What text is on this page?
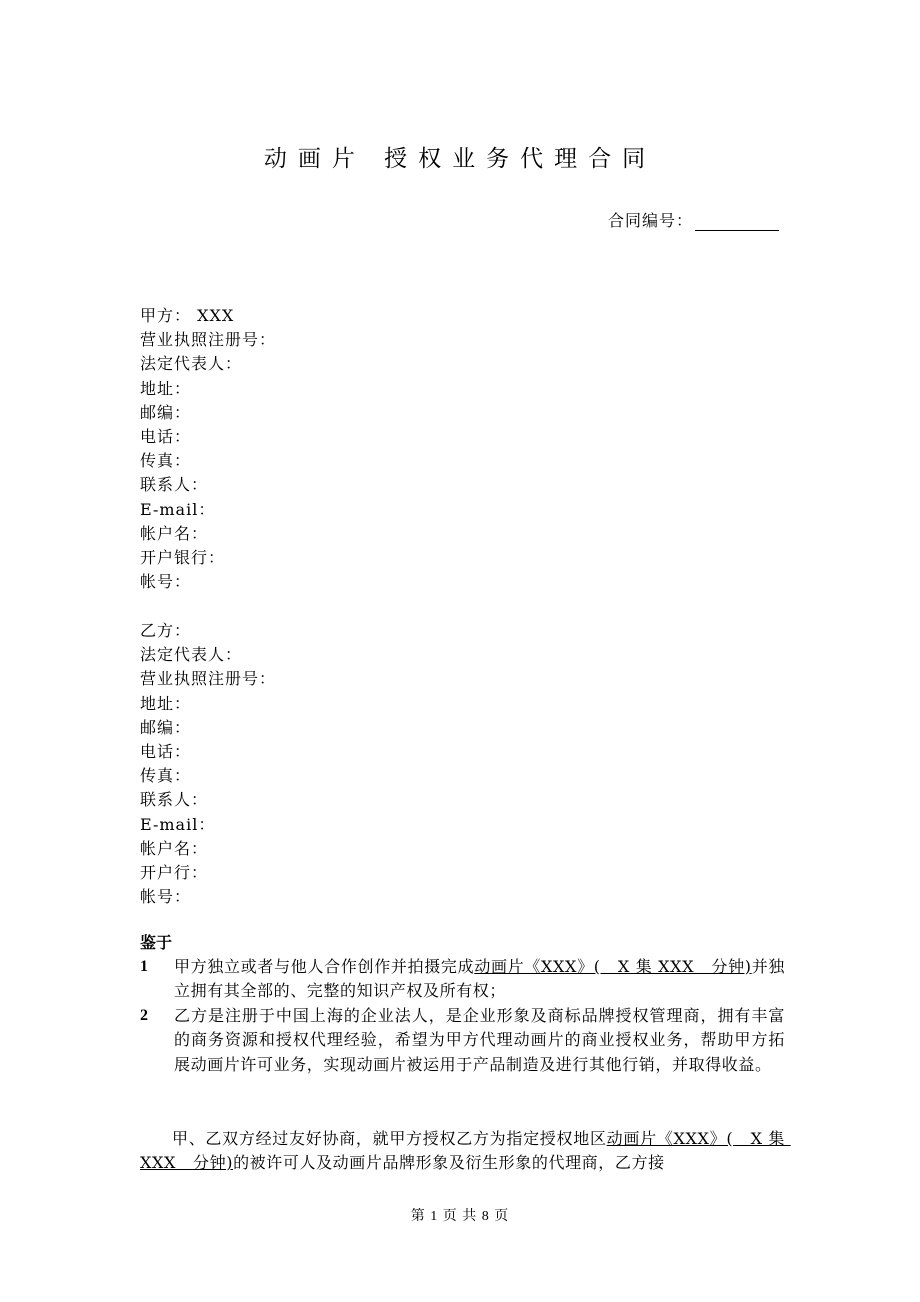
动画片 授权业务代理合同
合同编号：
甲方： XXX
营业执照注册号：
法定代表人：
地址：
邮编：
电话：
传真：
联系人：
E-mail：
帐户名：
开户银行：
帐号：
乙方：
法定代表人：
营业执照注册号：
地址：
邮编：
电话：
传真：
联系人：
E-mail：
帐户名：
开户行：
帐号：
鉴于
1	甲方独立或者与他人合作创作并拍摄完成动画片《XXX》(   X 集 XXX   分钟)并独立拥有其全部的、完整的知识产权及所有权；
2	乙方是注册于中国上海的企业法人，是企业形象及商标品牌授权管理商，拥有丰富的商务资源和授权代理经验，希望为甲方代理动画片的商业授权业务，帮助甲方拓展动画片许可业务，实现动画片被运用于产品制造及进行其他行销，并取得收益。
甲、乙双方经过友好协商，就甲方授权乙方为指定授权地区动画片《XXX》(   X 集 XXX   分钟)的被许可人及动画片品牌形象及衍生形象的代理商，乙方接
第 1 页 共 8 页
